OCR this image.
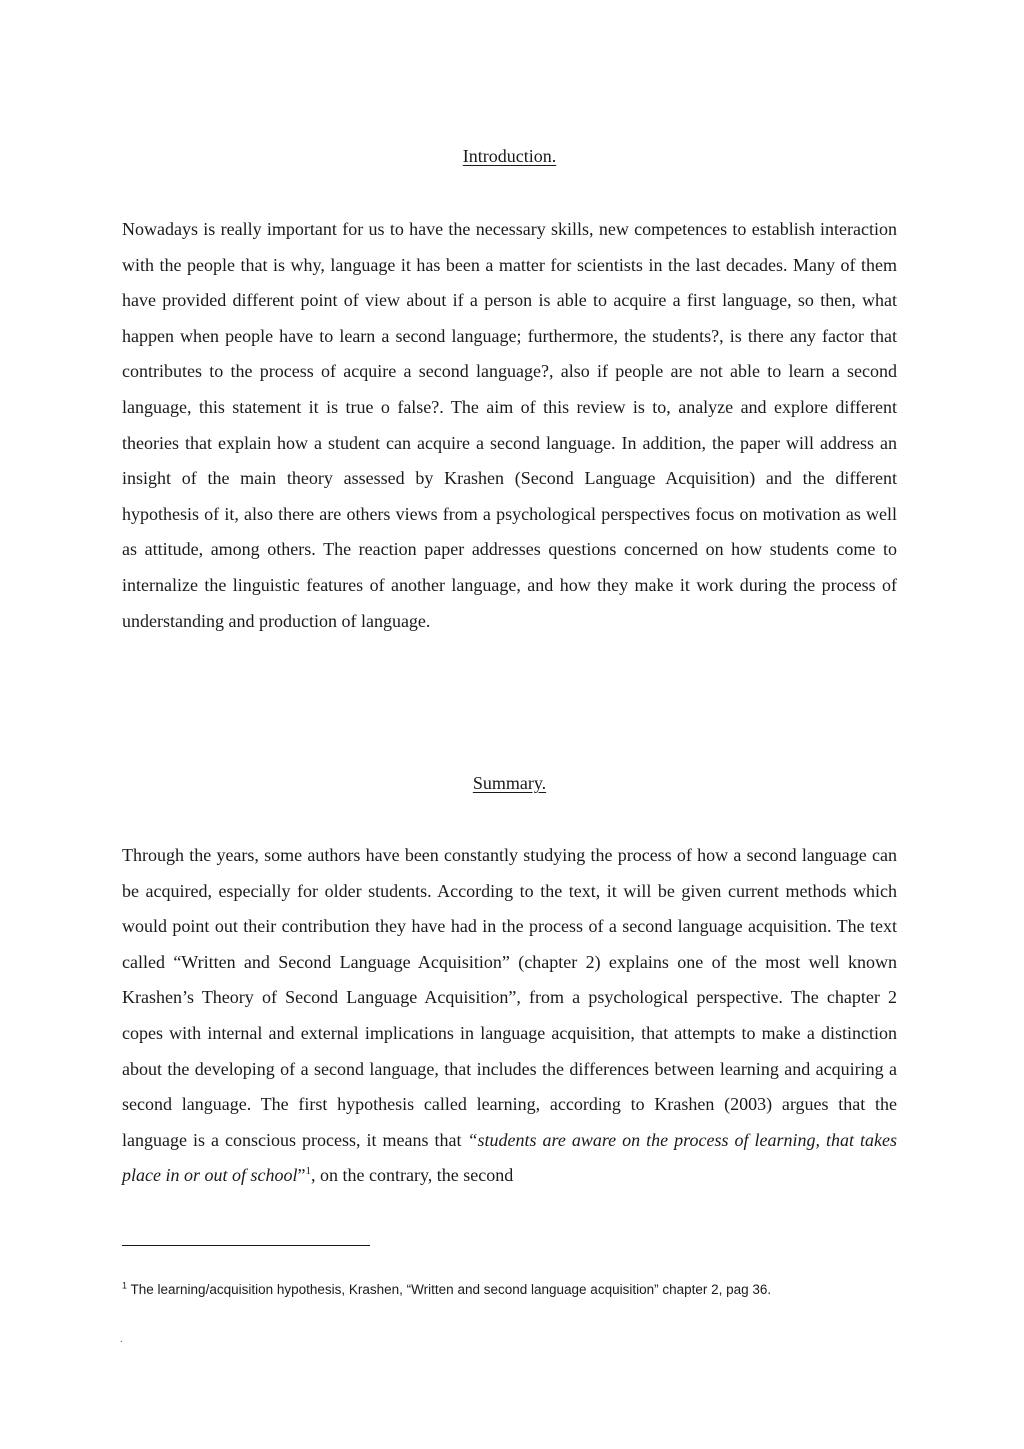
Introduction.

Nowadays is really important for us to have the necessary skills, new competences to establish interaction with the people that is why, language it has been a matter for scientists in the last decades. Many of them have provided different point of view about if a person is able to acquire a first language, so then, what happen when people have to learn a second language; furthermore, the students?, is there any factor that contributes to the process of acquire a second language?, also if people are not able to learn a second language, this statement it is true o false?. The aim of this review is to, analyze and explore different theories that explain how a student can acquire a second language. In addition, the paper will address an insight of the main theory assessed by Krashen (Second Language Acquisition) and the different hypothesis of it, also there are others views from a psychological perspectives focus on motivation as well as attitude, among others. The reaction paper addresses questions concerned on how students come to internalize the linguistic features of another language, and how they make it work during the process of understanding and production of language.

Summary.

Through the years, some authors have been constantly studying the process of how a second language can be acquired, especially for older students. According to the text, it will be given current methods which would point out their contribution they have had in the process of a second language acquisition. The text called “Written and Second Language Acquisition” (chapter 2) explains one of the most well known Krashen’s Theory of Second Language Acquisition”, from a psychological perspective. The chapter 2 copes with internal and external implications in language acquisition, that attempts to make a distinction about the developing of a second language, that includes the differences between learning and acquiring a second language. The first hypothesis called learning, according to Krashen (2003) argues that the language is a conscious process, it means that “students are aware on the process of learning, that takes place in or out of school”$^1$, on the contrary, the second

$^1$ The learning/acquisition hypothesis, Krashen, “Written and second language acquisition” chapter 2, pag 36.

.
